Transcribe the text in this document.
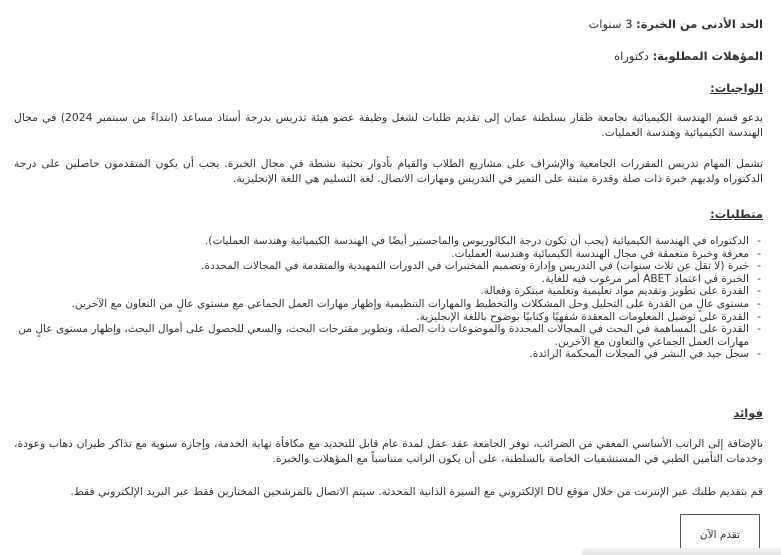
الحد الأدنى من الخبرة: 3 سنوات
المؤهلات المطلوبة: دكتوراه
الواجبات:

يدعو قسم الهندسة الكيميائية بجامعة ظفار بسلطنة عمان إلى تقديم طلبات لشغل وظيفة عضو هيئة تدريس بدرجة أستاذ مساعد (ابتداءً من سبتمبر 2024) في مجال الهندسة الكيميائية وهندسة العمليات.

تشمل المهام تدريس المقررات الجامعية والإشراف على مشاريع الطلاب والقيام بأدوار بحثية نشطة في مجال الخبرة. يجب أن يكون المتقدمون حاصلين على درجة الدكتوراه ولديهم خبرة ذات صلة وقدرة مثبتة على التميز في التدريس ومهارات الاتصال. لغة التسليم هي اللغة الإنجليزية.

متطلبات:
- الدكتوراه في الهندسة الكيميائية (يجب أن تكون درجة البكالوريوس والماجستير أيضًا في الهندسة الكيميائية وهندسة العمليات).
- معرفة وخبرة متعمقة في مجال الهندسة الكيميائية وهندسة العمليات.
- خبرة (لا تقل عن ثلاث سنوات) في التدريس وإدارة وتصميم المختبرات في الدورات التمهيدية والمتقدمة في المجالات المحددة.
- الخبرة في اعتماد ABET أمر مرغوب فيه للغاية.
- القدرة على تطوير وتقديم مواد تعليمية وتعلمية مبتكرة وفعالة.
- مستوى عالٍ من القدرة على التحليل وحل المشكلات والتخطيط والمهارات التنظيمية وإظهار مهارات العمل الجماعي مع مستوى عالٍ من التعاون مع الآخرين.
- القدرة على توصيل المعلومات المعقدة شفهيًا وكتابيًا بوضوح باللغة الإنجليزية.
- القدرة على المساهمة في البحث في المجالات المحددة والموضوعات ذات الصلة، وتطوير مقترحات البحث، والسعي للحصول على أموال البحث، وإظهار مستوى عالٍ من مهارات العمل الجماعي والتعاون مع الآخرين.
- سجل جيد في النشر في المجلات المحكمة الرائدة.
فوائد

بالإضافة إلى الراتب الأساسي المعفي من الضرائب، توفر الجامعة عقد عمل لمدة عام قابل للتجديد مع مكافأة نهاية الخدمة، وإجازة سنوية مع تذاكر طيران ذهاب وعودة، وخدمات التأمين الطبي في المستشفيات الخاصة بالسلطنة، على أن يكون الراتب متناسباً مع المؤهلات والخبرة.

قم بتقديم طلبك عبر الإنترنت من خلال موقع DU الإلكتروني مع السيرة الذاتية المحدثة. سيتم الاتصال بالمرشحين المختارين فقط عبر البريد الإلكتروني فقط.

تقدم الآن
